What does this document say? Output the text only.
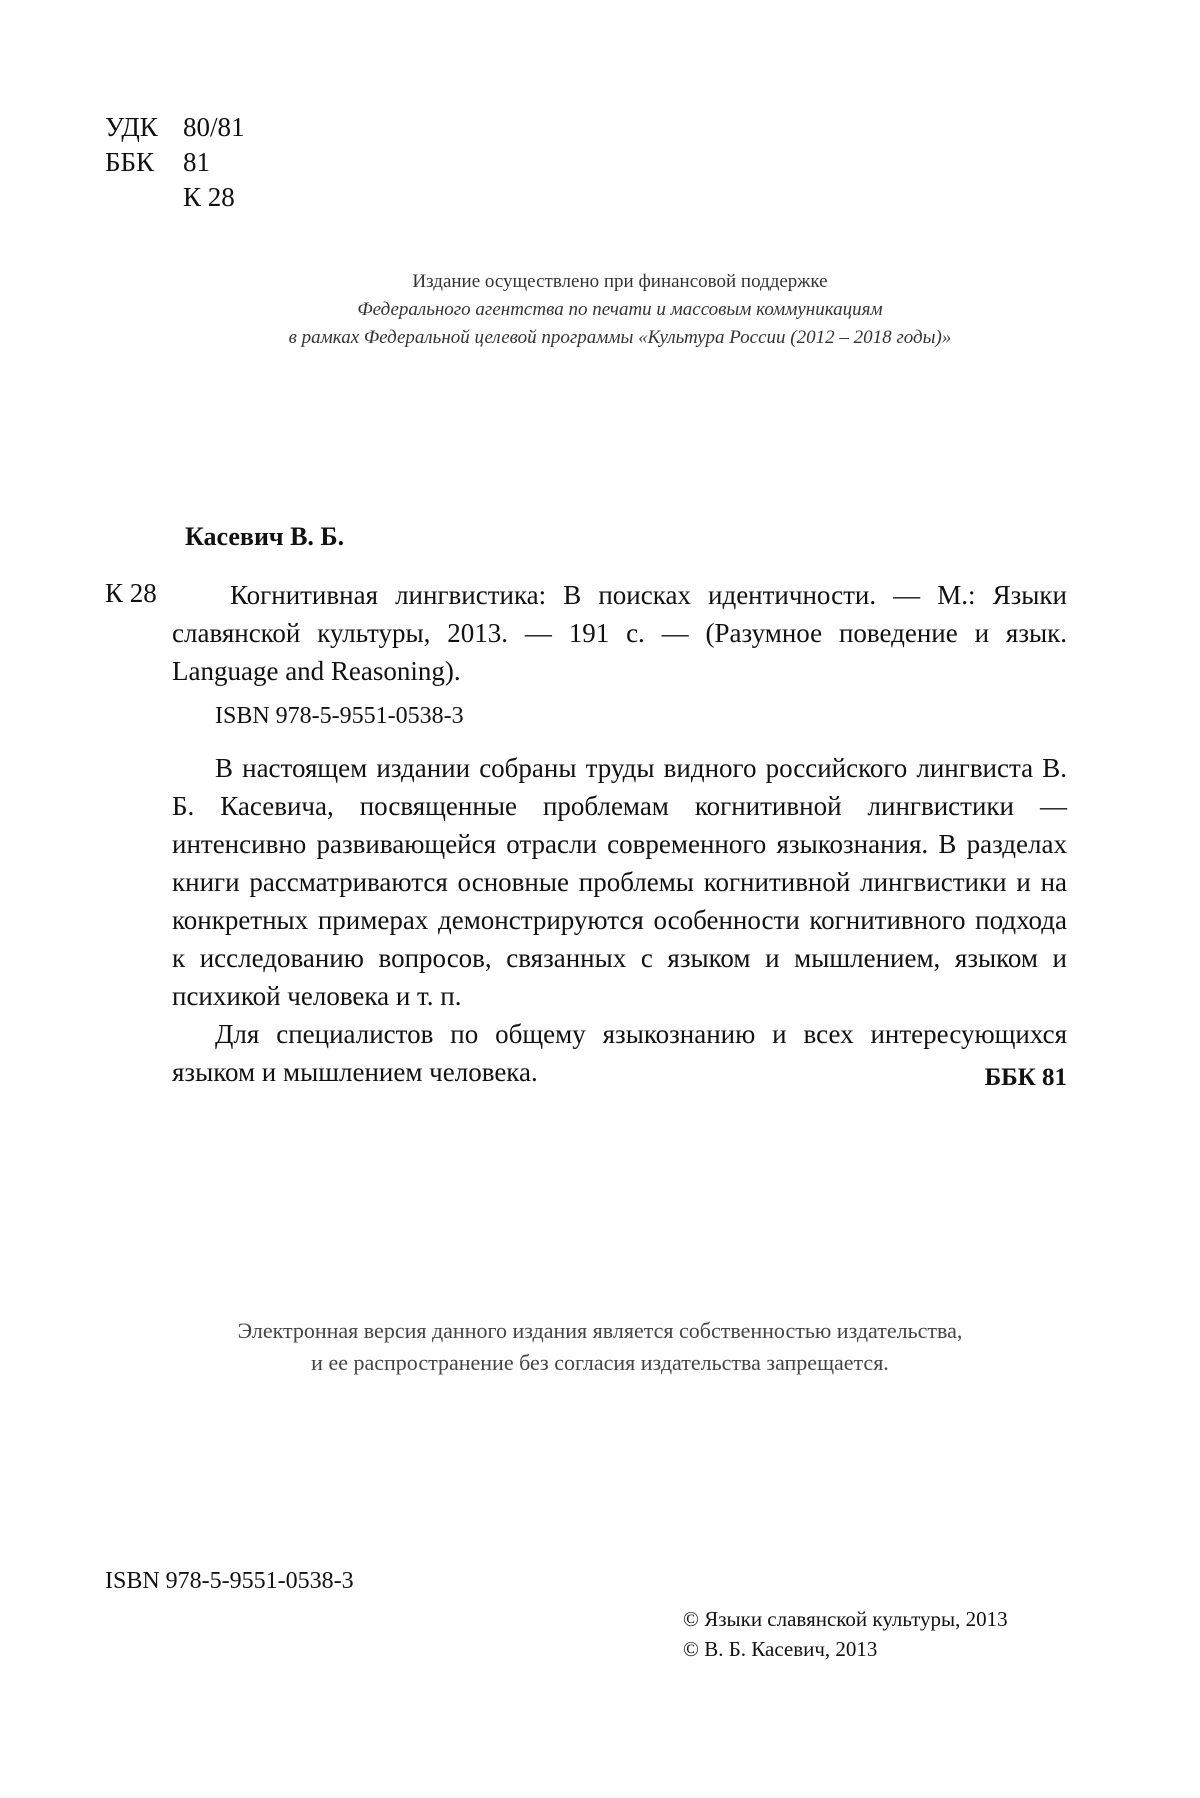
УДК 80/81
ББК 81
К 28
Издание осуществлено при финансовой поддержке
Федерального агентства по печати и массовым коммуникациям
в рамках Федеральной целевой программы «Культура России (2012 – 2018 годы)»
Касевич В. Б.
К 28	Когнитивная лингвистика: В поисках идентичности. — М.: Языки славянской культуры, 2013. — 191 с. — (Разумное поведение и язык. Language and Reasoning).
ISBN 978-5-9551-0538-3

В настоящем издании собраны труды видного российского лингвиста В. Б. Касевича, посвященные проблемам когнитивной лингвистики — интенсивно развивающейся отрасли современного языкознания. В разделах книги рассматриваются основные проблемы когнитивной лингвистики и на конкретных примерах демонстрируются особенности когнитивного подхода к исследованию вопросов, связанных с языком и мышлением, языком и психикой человека и т. п.

Для специалистов по общему языкознанию и всех интересующихся языком и мышлением человека.	ББК 81
Электронная версия данного издания является собственностью издательства,
и ее распространение без согласия издательства запрещается.
ISBN 978-5-9551-0538-3
© Языки славянской культуры, 2013
© В. Б. Касевич, 2013
